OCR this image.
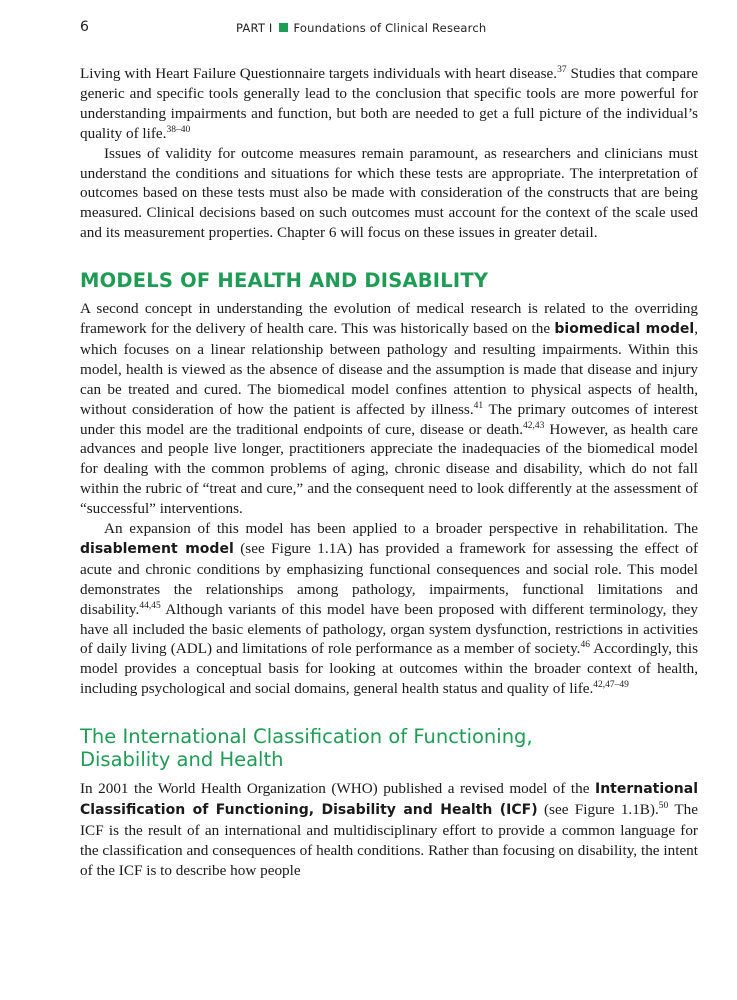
6	PART I Foundations of Clinical Research

Living with Heart Failure Questionnaire targets individuals with heart disease.$^{37}$ Studies that compare generic and specific tools generally lead to the conclusion that specific tools are more powerful for understanding impairments and function, but both are needed to get a full picture of the individual’s quality of life.$^{38-40}$

Issues of validity for outcome measures remain paramount, as researchers and clinicians must understand the conditions and situations for which these tests are appropriate. The interpretation of outcomes based on these tests must also be made with consideration of the constructs that are being measured. Clinical decisions based on such outcomes must account for the context of the scale used and its measurement properties. Chapter 6 will focus on these issues in greater detail.

MODELS OF HEALTH AND DISABILITY

A second concept in understanding the evolution of medical research is related to the overriding framework for the delivery of health care. This was historically based on the biomedical model, which focuses on a linear relationship between pathology and resulting impairments. Within this model, health is viewed as the absence of disease and the assumption is made that disease and injury can be treated and cured. The biomedical model confines attention to physical aspects of health, without consideration of how the patient is affected by illness.$^{41}$ The primary outcomes of interest under this model are the traditional endpoints of cure, disease or death.$^{42,43}$ However, as health care advances and people live longer, practitioners appreciate the inadequacies of the biomedical model for dealing with the common problems of aging, chronic disease and disability, which do not fall within the rubric of “treat and cure,” and the consequent need to look differently at the assessment of “successful” interventions.

An expansion of this model has been applied to a broader perspective in rehabilitation. The disablement model (see Figure 1.1A) has provided a framework for assessing the effect of acute and chronic conditions by emphasizing functional consequences and social role. This model demonstrates the relationships among pathology, impairments, functional limitations and disability.$^{44,45}$ Although variants of this model have been proposed with different terminology, they have all included the basic elements of pathology, organ system dysfunction, restrictions in activities of daily living (ADL) and limitations of role performance as a member of society.$^{46}$ Accordingly, this model provides a conceptual basis for looking at outcomes within the broader context of health, including psychological and social domains, general health status and quality of life.$^{42,47-49}$

The International Classification of Functioning,
Disability and Health

In 2001 the World Health Organization (WHO) published a revised model of the International Classification of Functioning, Disability and Health (ICF) (see Figure 1.1B).$^{50}$ The ICF is the result of an international and multidisciplinary effort to provide a common language for the classification and consequences of health conditions. Rather than focusing on disability, the intent of the ICF is to describe how people
